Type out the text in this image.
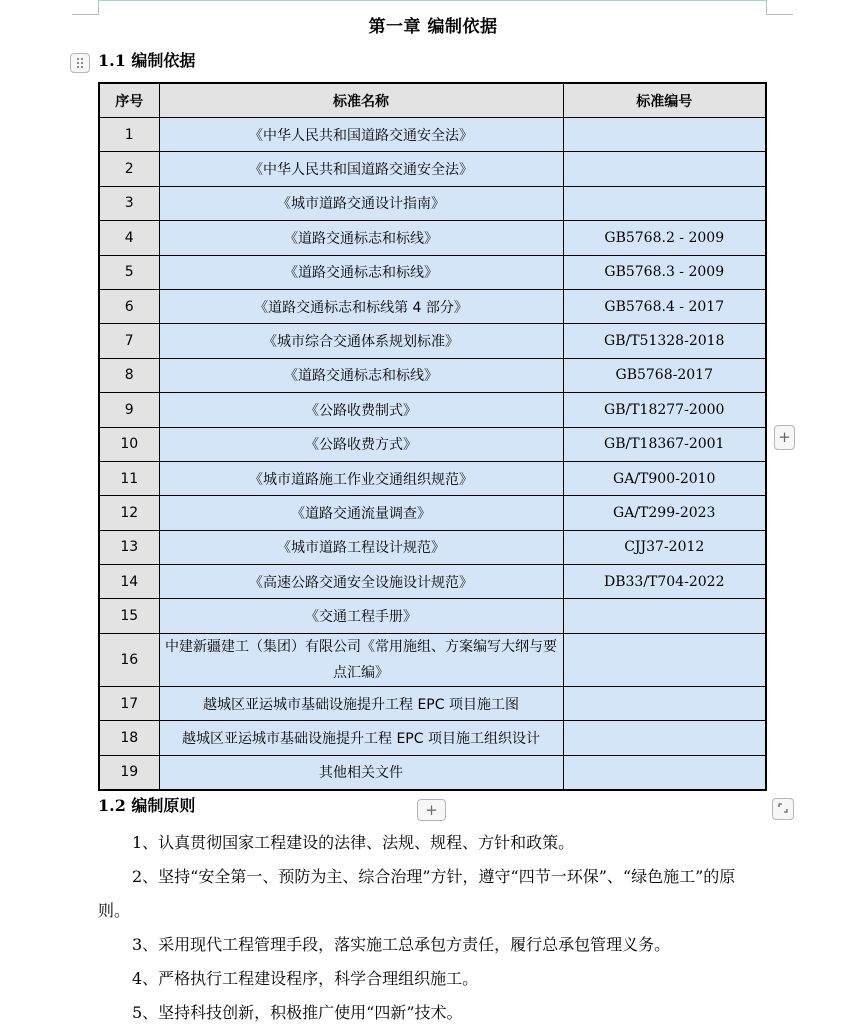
第一章 编制依据
1.1 编制依据
序号	标准名称	标准编号
1	《中华人民共和国道路交通安全法》	
2	《中华人民共和国道路交通安全法》	
3	《城市道路交通设计指南》	
4	《道路交通标志和标线》	GB5768.2 - 2009
5	《道路交通标志和标线》	GB5768.3 - 2009
6	《道路交通标志和标线第 4 部分》	GB5768.4 - 2017
7	《城市综合交通体系规划标准》	GB/T51328-2018
8	《道路交通标志和标线》	GB5768-2017
9	《公路收费制式》	GB/T18277-2000
10	《公路收费方式》	GB/T18367-2001
11	《城市道路施工作业交通组织规范》	GA/T900-2010
12	《道路交通流量调查》	GA/T299-2023
13	《城市道路工程设计规范》	CJJ37-2012
14	《高速公路交通安全设施设计规范》	DB33/T704-2022
15	《交通工程手册》	
16	中建新疆建工（集团）有限公司《常用施组、方案编写大纲与要点汇编》	
17	越城区亚运城市基础设施提升工程 EPC 项目施工图	
18	越城区亚运城市基础设施提升工程 EPC 项目施工组织设计	
19	其他相关文件	
+
1.2 编制原则	+

1、认真贯彻国家工程建设的法律、法规、规程、方针和政策。

2、坚持“安全第一、预防为主、综合治理”方针，遵守“四节一环保”、“绿色施工”的原则。

3、采用现代工程管理手段，落实施工总承包方责任，履行总承包管理义务。

4、严格执行工程建设程序，科学合理组织施工。

5、坚持科技创新，积极推广使用“四新”技术。
